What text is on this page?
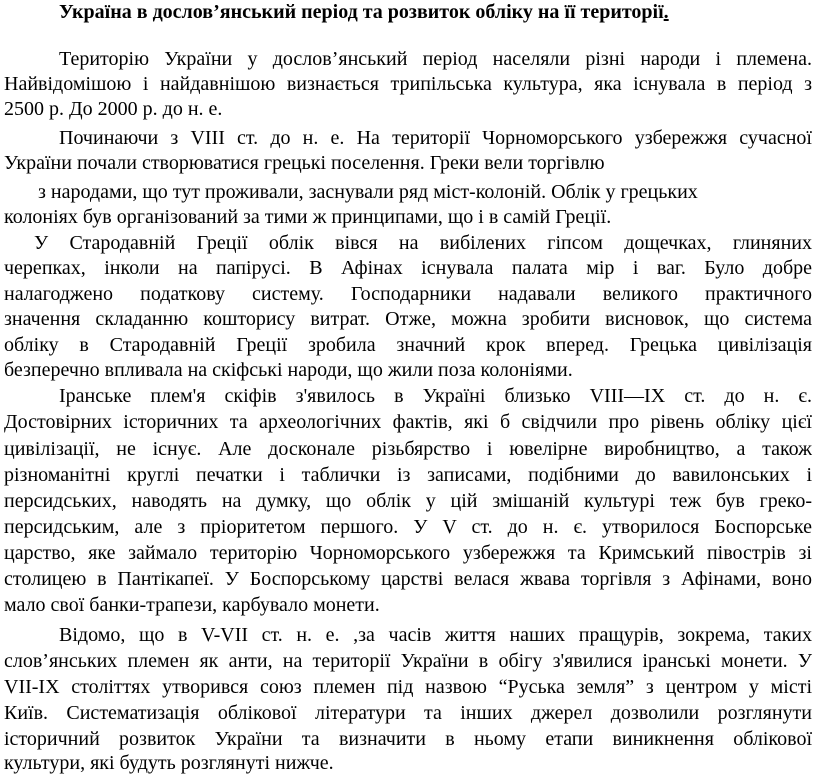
Україна в дослов’янський період та розвиток обліку на її території.
Територію України у дослов’янський період населяли різні народи і племена.
Найвідомішою і найдавнішою визнається трипільська культура, яка існувала в період з
2500 р. До 2000 р. до н. е.
Починаючи з VIII ст. до н. е. На території Чорноморського узбережжя сучасної
України почали створюватися грецькі поселення. Греки вели торгівлю
з народами, що тут проживали, заснували ряд міст-колоній. Облік у грецьких
колоніях був організований за тими ж принципами, що і в самій Греції.
У Стародавній Греції облік вівся на вибілених гіпсом дощечках, глиняних
черепках, інколи на папірусі. В Афінах існувала палата мір і ваг. Було добре
налагоджено податкову систему. Господарники надавали великого практичного
значення складанню кошторису витрат. Отже, можна зробити висновок, що система
обліку в Стародавній Греції зробила значний крок вперед. Грецька цивілізація
безперечно впливала на скіфські народи, що жили поза колоніями.
Іранське плем'я скіфів з'явилось в Україні близько VIII—IX ст. до н. є.
Достовірних історичних та археологічних фактів, які б свідчили про рівень обліку цієї
цивілізації, не існує. Але досконале різьбярство і ювелірне виробництво, а також
різноманітні круглі печатки і таблички із записами, подібними до вавилонських і
персидських, наводять на думку, що облік у цій змішаній культурі теж був греко-
персидським, але з пріоритетом першого. У V ст. до н. є. утворилося Боспорське
царство, яке займало територію Чорноморського узбережжя та Кримський півострів зі
столицею в Пантікапеї. У Боспорському царстві велася жвава торгівля з Афінами, воно
мало свої банки-трапези, карбувало монети.
Відомо, що в V-VII ст. н. е. ,за часів життя наших пращурів, зокрема, таких
слов’янських племен як анти, на території України в обігу з'явилися іранські монети. У
VII-IX століттях утворився союз племен під назвою “Руська земля” з центром у місті
Київ. Систематизація облікової літератури та інших джерел дозволили розглянути
історичний розвиток України та визначити в ньому етапи виникнення облікової
культури, які будуть розглянуті нижче.
